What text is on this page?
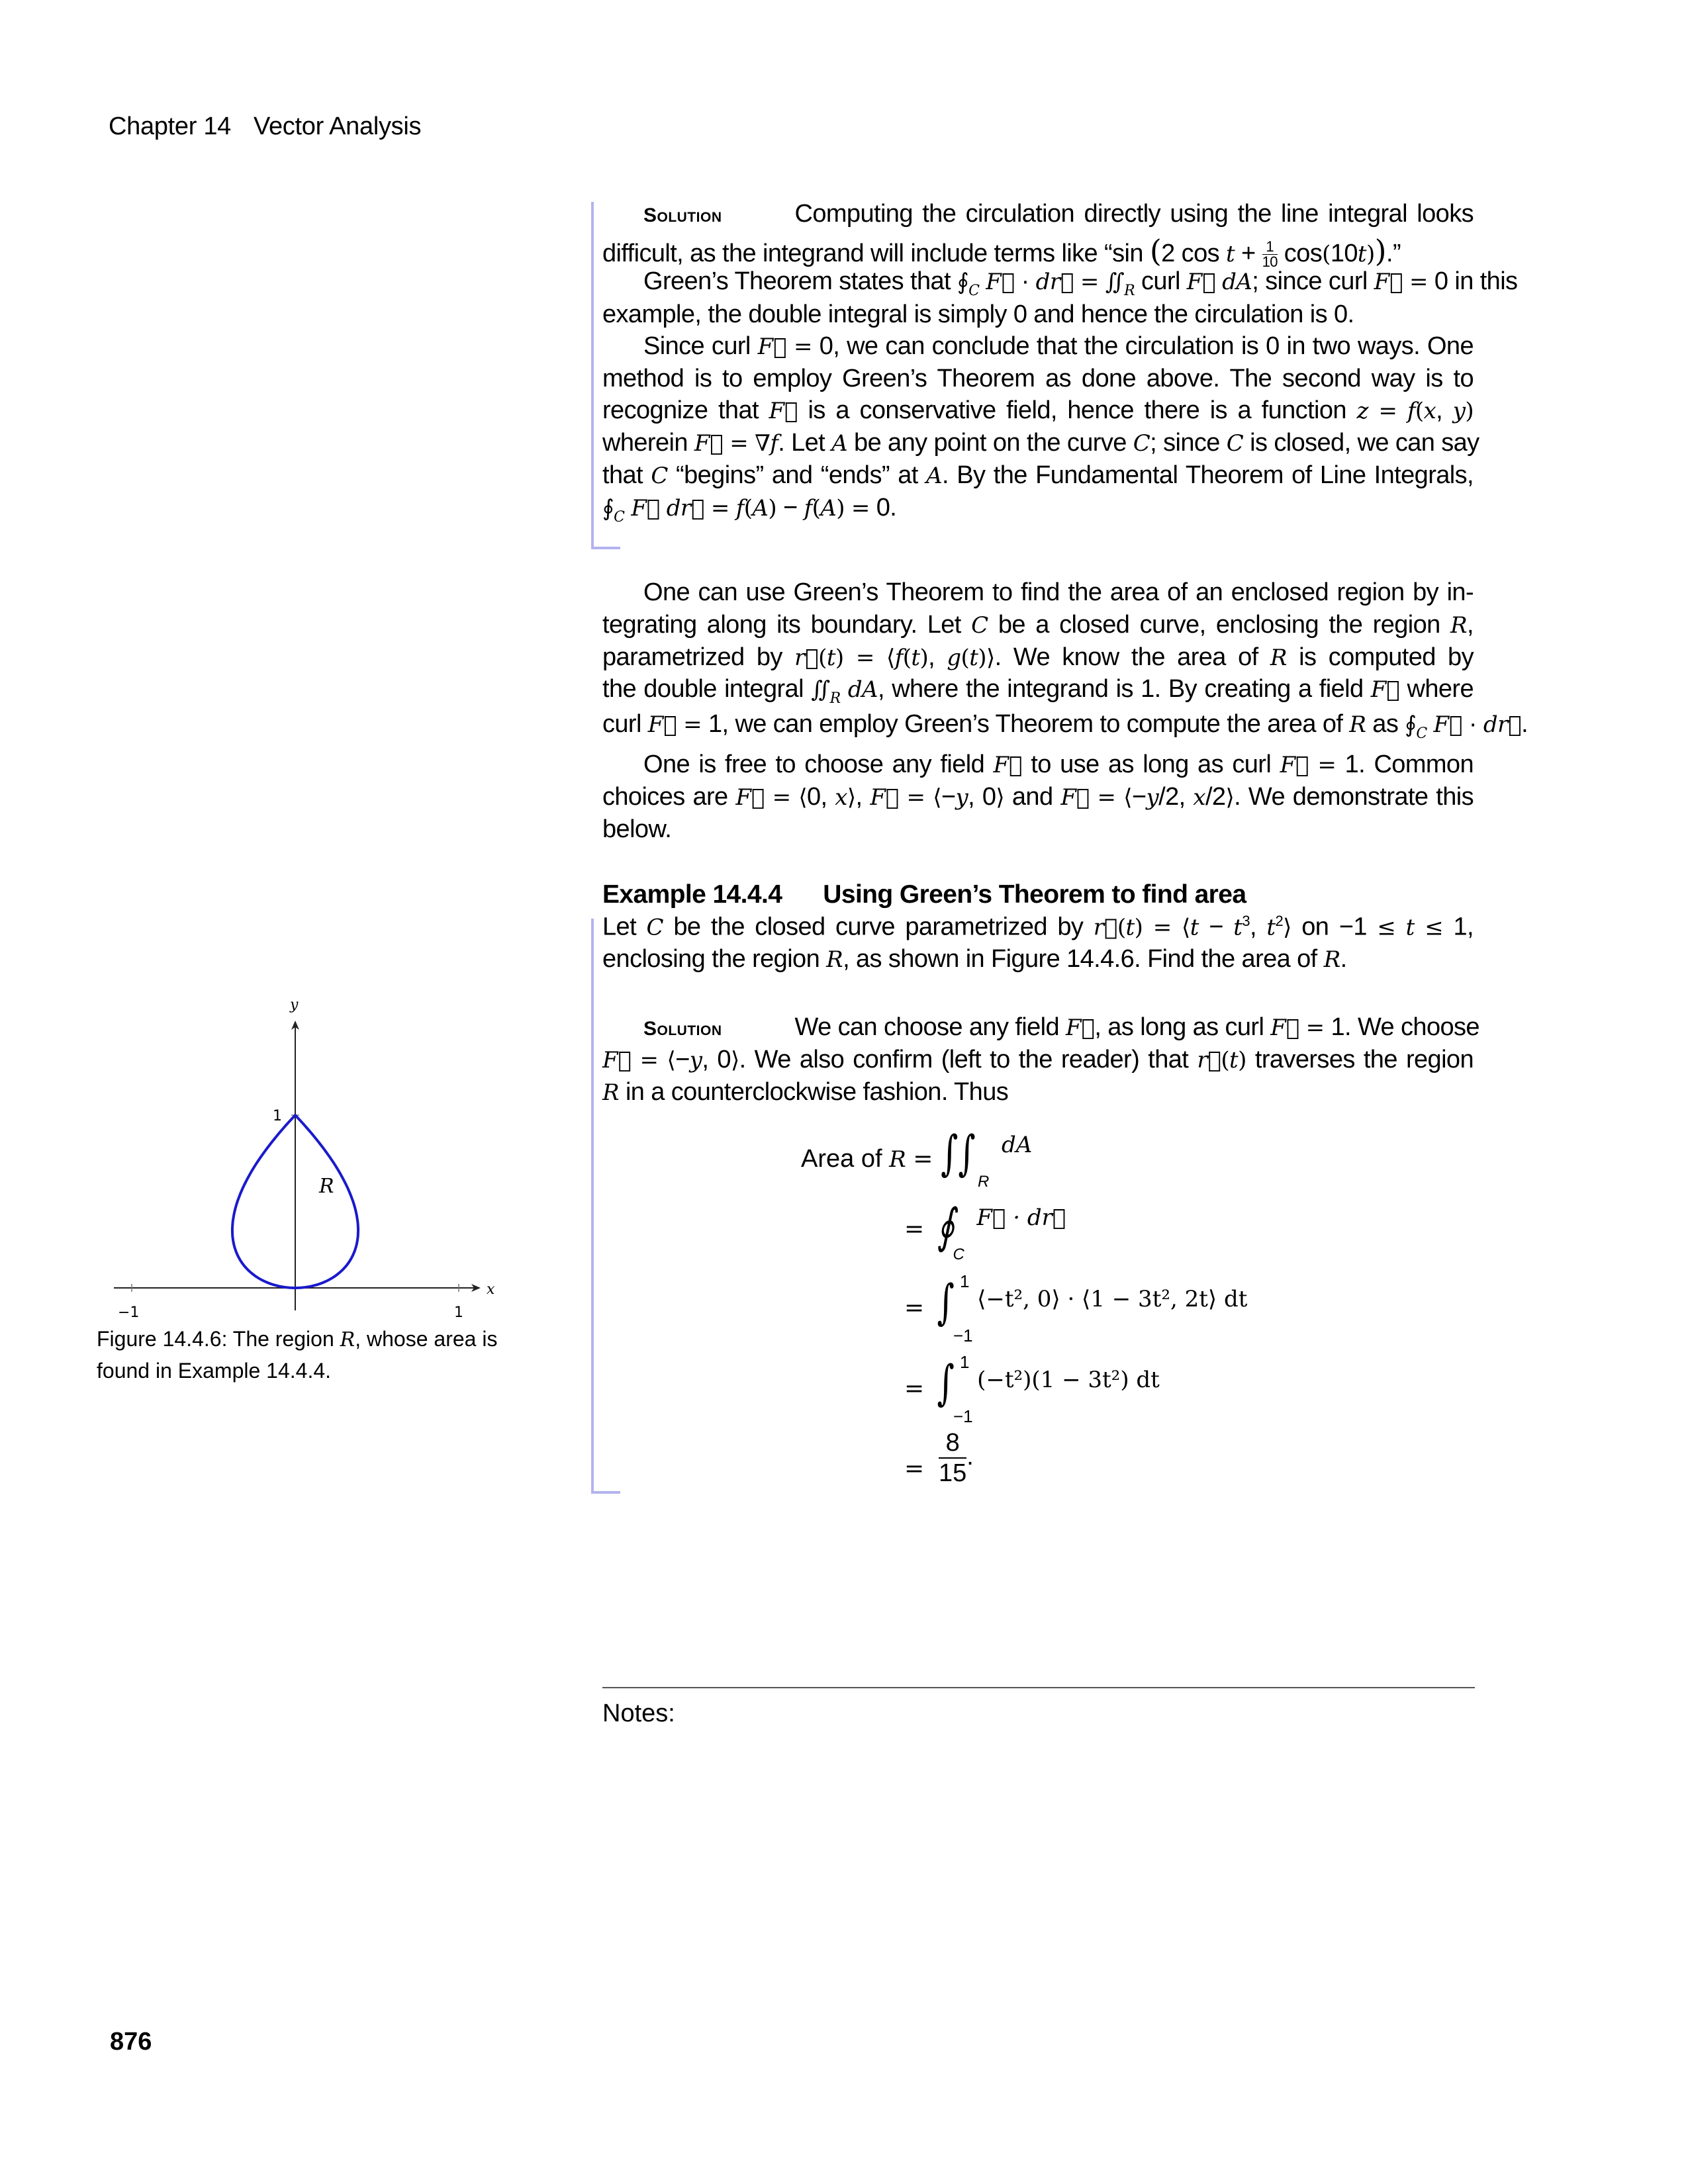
Chapter 14 Vector Analysis
Solution	Computing the circulation directly using the line integral looks
difficult, as the integrand will include terms like “sin (2 $\cos t + \frac{1}{10} \cos(10t)$).”
Green’s Theorem states that $∮_C$ F⃗ · dr⃗ = $∬_R$ curl F⃗ dA; since curl F⃗ = 0 in this
example, the double integral is simply 0 and hence the circulation is 0.
Since curl F⃗ = 0, we can conclude that the circulation is 0 in two ways. One
method is to employ Green’s Theorem as done above. The second way is to
recognize that F⃗ is a conservative field, hence there is a function z = f(x, y)
wherein F⃗ = ∇f. Let A be any point on the curve C; since C is closed, we can say
that C “begins” and “ends” at A. By the Fundamental Theorem of Line Integrals,
$∮_C$ F⃗ dr⃗ = f(A) − f(A) = 0.
One can use Green’s Theorem to find the area of an enclosed region by in-
tegrating along its boundary. Let C be a closed curve, enclosing the region R,
parametrized by r⃗(t) = ⟨f(t), g(t)⟩. We know the area of R is computed by
the double integral $∬_R$ dA, where the integrand is 1. By creating a field F⃗ where
curl F⃗ = 1, we can employ Green’s Theorem to compute the area of R as $∮_C$ F⃗ · dr⃗.
One is free to choose any field F⃗ to use as long as curl F⃗ = 1. Common
choices are F⃗ = ⟨0, x⟩, F⃗ = ⟨−y, 0⟩ and F⃗ = ⟨−y/2, x/2⟩. We demonstrate this
below.
Example 14.4.4 Using Green’s Theorem to find area
Let C be the closed curve parametrized by r⃗(t) = ⟨t − $t^3$, $t^2⟩$ on −1 ≤ t ≤ 1,
enclosing the region R, as shown in Figure 14.4.6. Find the area of R.
Solution	We can choose any field F⃗, as long as curl F⃗ = 1. We choose
F⃗ = ⟨−y, 0⟩. We also confirm (left to the reader) that r⃗(t) traverses the region
R in a counterclockwise fashion. Thus
Area of $R = \int\int_R$ dA
= $∮_C$ F⃗ · dr⃗
= ∫ 1
−1
⟨−t², 0⟩ · ⟨1 − 3t², 2t⟩ dt
= ∫ 1
−1
(−t²)(1 − 3t²) dt
= $\frac{8}{15}$ .
x
y
−1	1
1
R
Figure 14.4.6: The region R, whose area is found in Example 14.4.4.
Notes:
876
